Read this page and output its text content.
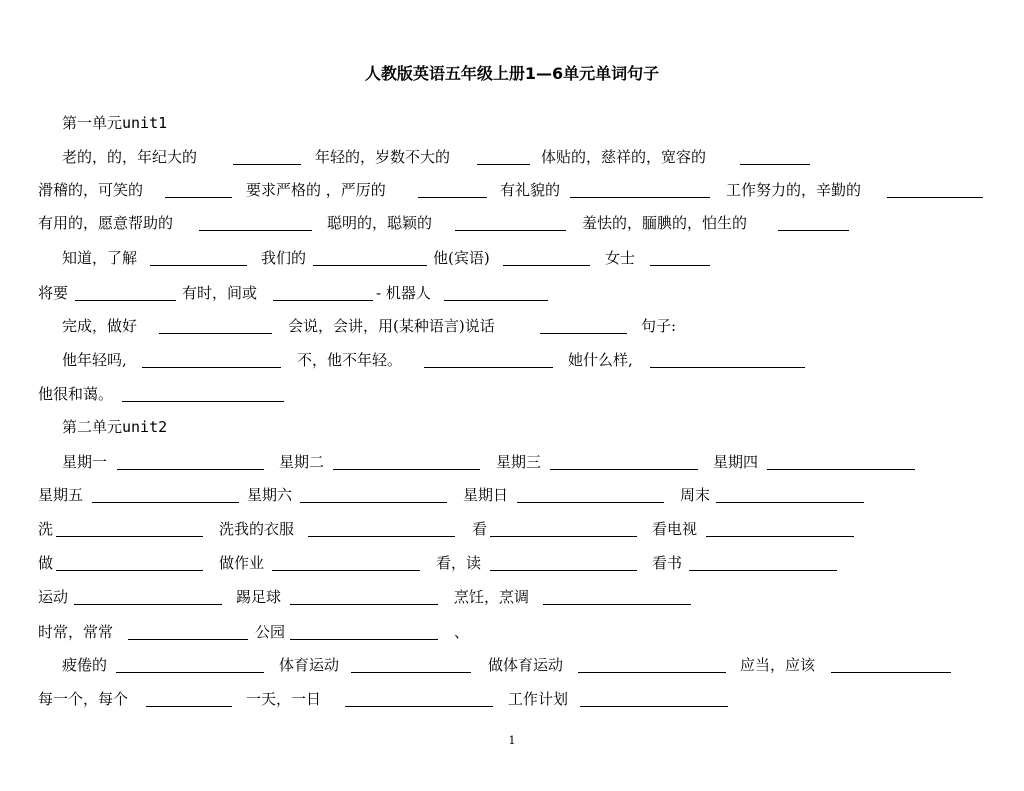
人教版英语五年级上册1—6单元单词句子
第一单元unit1
老的，的，年纪大的	年轻的，岁数不大的	体贴的，慈祥的，宽容的
滑稽的，可笑的	要求严格的 ，严厉的	有礼貌的	工作努力的，辛勤的
有用的，愿意帮助的	聪明的，聪颖的	羞怯的，腼腆的，怕生的
知道，了解	我们的	他(宾语)	女士
将要	有时，间或	- 机器人
完成，做好	会说，会讲，用(某种语言)说话	句子:
他年轻吗,	不，他不年轻。	她什么样,
他很和蔼。
第二单元unit2
星期一	星期二	星期三	星期四
星期五	星期六	星期日	周末
洗	洗我的衣服	看	看电视
做	做作业	看，读	看书
运动	踢足球	烹饪，烹调
时常，常常	公园	、
疲倦的	体育运动	做体育运动	应当，应该
每一个，每个	一天，一日	工作计划
1
